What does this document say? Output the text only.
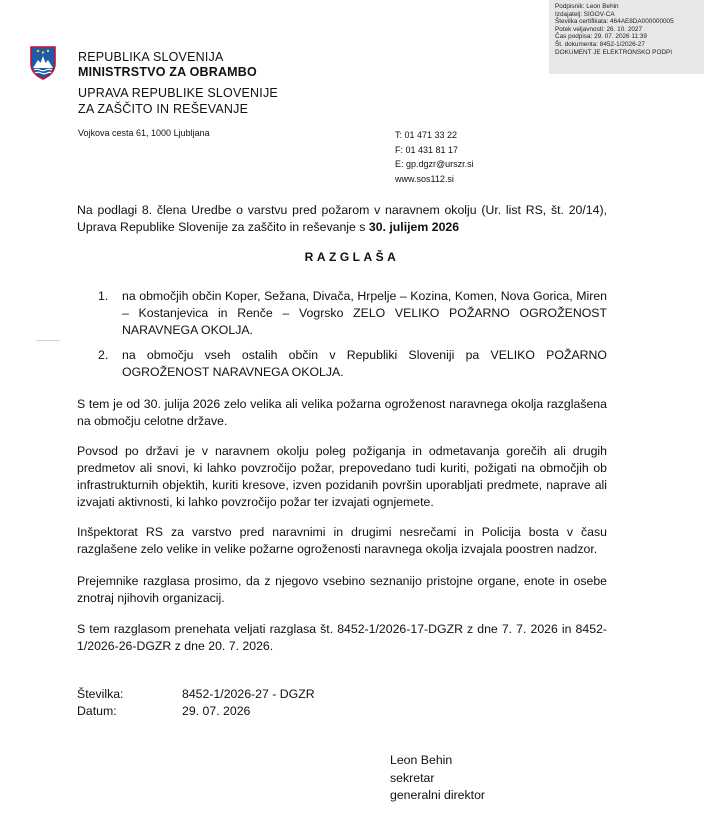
Podpisnik: Leon Behin
Izdajatelj: SIGOV-CA
Številka certifikata: 464AE8DA000000005
Potek veljavnosti: 26. 10. 2027
Čas podpisa: 29. 07. 2026 11:39
Št. dokumenta: 8452-1/2026-27
DOKUMENT JE ELEKTRONSKO PODPI
REPUBLIKA SLOVENIJA
MINISTRSTVO ZA OBRAMBO
UPRAVA REPUBLIKE SLOVENIJE
ZA ZAŠČITO IN REŠEVANJE
Vojkova cesta 61, 1000 Ljubljana	T: 01 471 33 22
F: 01 431 81 17
E: gp.dgzr@urszr.si
www.sos112.si
Na podlagi 8. člena Uredbe o varstvu pred požarom v naravnem okolju (Ur. list RS, št. 20/14), Uprava Republike Slovenije za zaščito in reševanje s 30. julijem 2026
RAZGLAŠA
1. na območjih občin Koper, Sežana, Divača, Hrpelje – Kozina, Komen, Nova Gorica, Miren – Kostanjevica in Renče – Vogrsko ZELO VELIKO POŽARNO OGROŽENOST NARAVNEGA OKOLJA.
2. na območju vseh ostalih občin v Republiki Sloveniji pa VELIKO POŽARNO OGROŽENOST NARAVNEGA OKOLJA.
S tem je od 30. julija 2026 zelo velika ali velika požarna ogroženost naravnega okolja razglašena na območju celotne države.
Povsod po državi je v naravnem okolju poleg požiganja in odmetavanja gorečih ali drugih predmetov ali snovi, ki lahko povzročijo požar, prepovedano tudi kuriti, požigati na območjih ob infrastrukturnih objektih, kuriti kresove, izven pozidanih površin uporabljati predmete, naprave ali izvajati aktivnosti, ki lahko povzročijo požar ter izvajati ognjemete.
Inšpektorat RS za varstvo pred naravnimi in drugimi nesrečami in Policija bosta v času razglašene zelo velike in velike požarne ogroženosti naravnega okolja izvajala poostren nadzor.
Prejemnike razglasa prosimo, da z njegovo vsebino seznanijo pristojne organe, enote in osebe znotraj njihovih organizacij.
S tem razglasom prenehata veljati razglasa št. 8452-1/2026-17-DGZR z dne 7. 7. 2026 in 8452-1/2026-26-DGZR z dne 20. 7. 2026.
Številka:	8452-1/2026-27 - DGZR
Datum:	29. 07. 2026
Leon Behin
sekretar
generalni direktor
